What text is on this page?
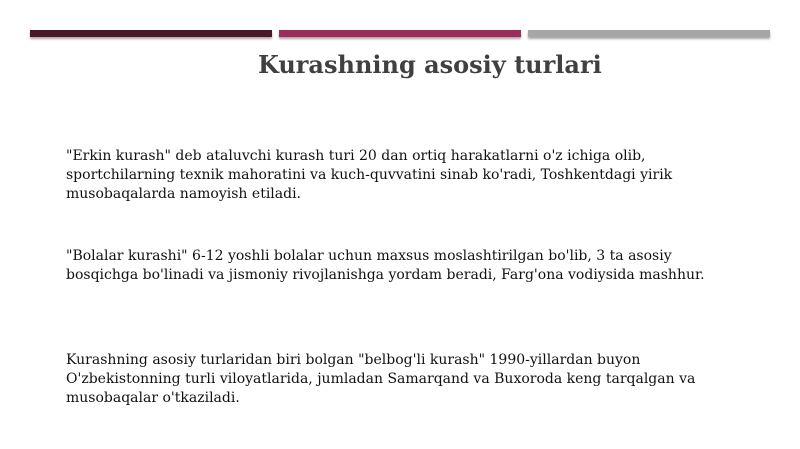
Kurashning asosiy turlari

"Erkin kurash" deb ataluvchi kurash turi 20 dan ortiq harakatlarni o'z ichiga olib, sportchilarning texnik mahoratini va kuch-quvvatini sinab ko'radi, Toshkentdagi yirik musobaqalarda namoyish etiladi.

"Bolalar kurashi" 6-12 yoshli bolalar uchun maxsus moslashtirilgan bo'lib, 3 ta asosiy bosqichga bo'linadi va jismoniy rivojlanishga yordam beradi, Farg'ona vodiysida mashhur.

Kurashning asosiy turlaridan biri bolgan "belbog'li kurash" 1990-yillardan buyon O'zbekistonning turli viloyatlarida, jumladan Samarqand va Buxoroda keng tarqalgan va musobaqalar o'tkaziladi.
